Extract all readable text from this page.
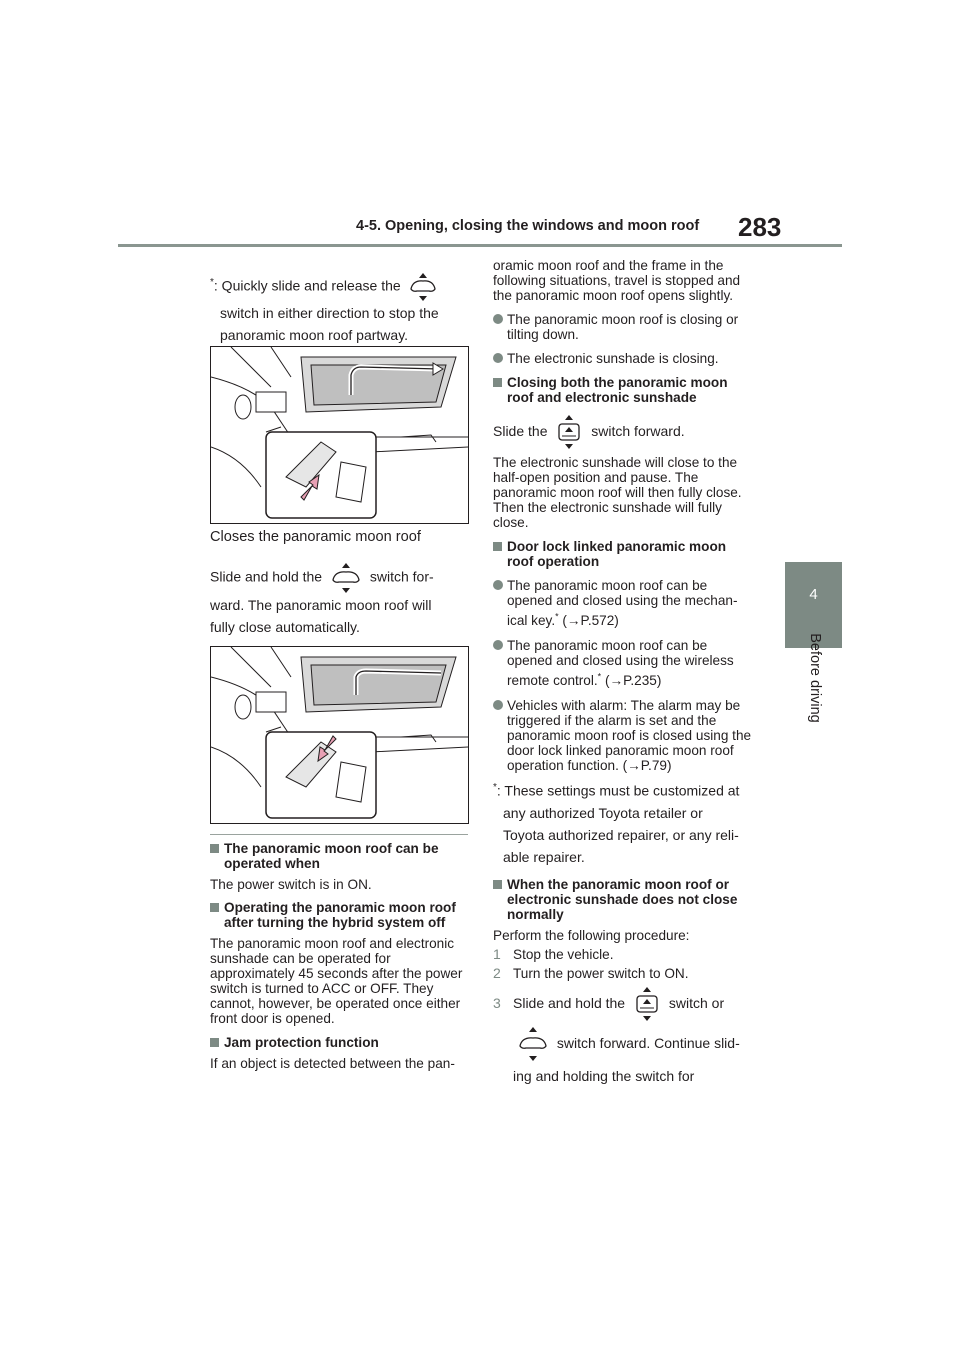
4-5. Opening, closing the windows and moon roof 283
4
Before driving
*: Quickly slide and release the
switch in either direction to stop the
panoramic moon roof partway.
Closes the panoramic moon roof
Slide and hold the	switch for-
ward. The panoramic moon roof will
fully close automatically.

The panoramic moon roof can be operated when

The power switch is in ON.

Operating the panoramic moon roof after turning the hybrid system off

The panoramic moon roof and electronic sunshade can be operated for approximately 45 seconds after the power switch is turned to ACC or OFF. They cannot, however, be operated once either front door is opened.

Jam protection function

If an object is detected between the pan-

oramic moon roof and the frame in the following situations, travel is stopped and the panoramic moon roof opens slightly.

The panoramic moon roof is closing or tilting down.

The electronic sunshade is closing.

Closing both the panoramic moon roof and electronic sunshade

Slide the	switch forward.

The electronic sunshade will close to the half-open position and pause. The panoramic moon roof will then fully close. Then the electronic sunshade will fully close.

Door lock linked panoramic moon roof operation

The panoramic moon roof can be opened and closed using the mechan-
ical key.* (→P.572)

The panoramic moon roof can be opened and closed using the wireless
remote control.* (→P.235)

Vehicles with alarm: The alarm may be triggered if the alarm is set and the panoramic moon roof is closed using the door lock linked panoramic moon roof operation function. (→P.79)

*: These settings must be customized at
any authorized Toyota retailer or
Toyota authorized repairer, or any reli-
able repairer.

When the panoramic moon roof or electronic sunshade does not close normally

Perform the following procedure:

1 Stop the vehicle.
2 Turn the power switch to ON.
3 Slide and hold the	switch or
switch forward. Continue slid-
ing and holding the switch for
